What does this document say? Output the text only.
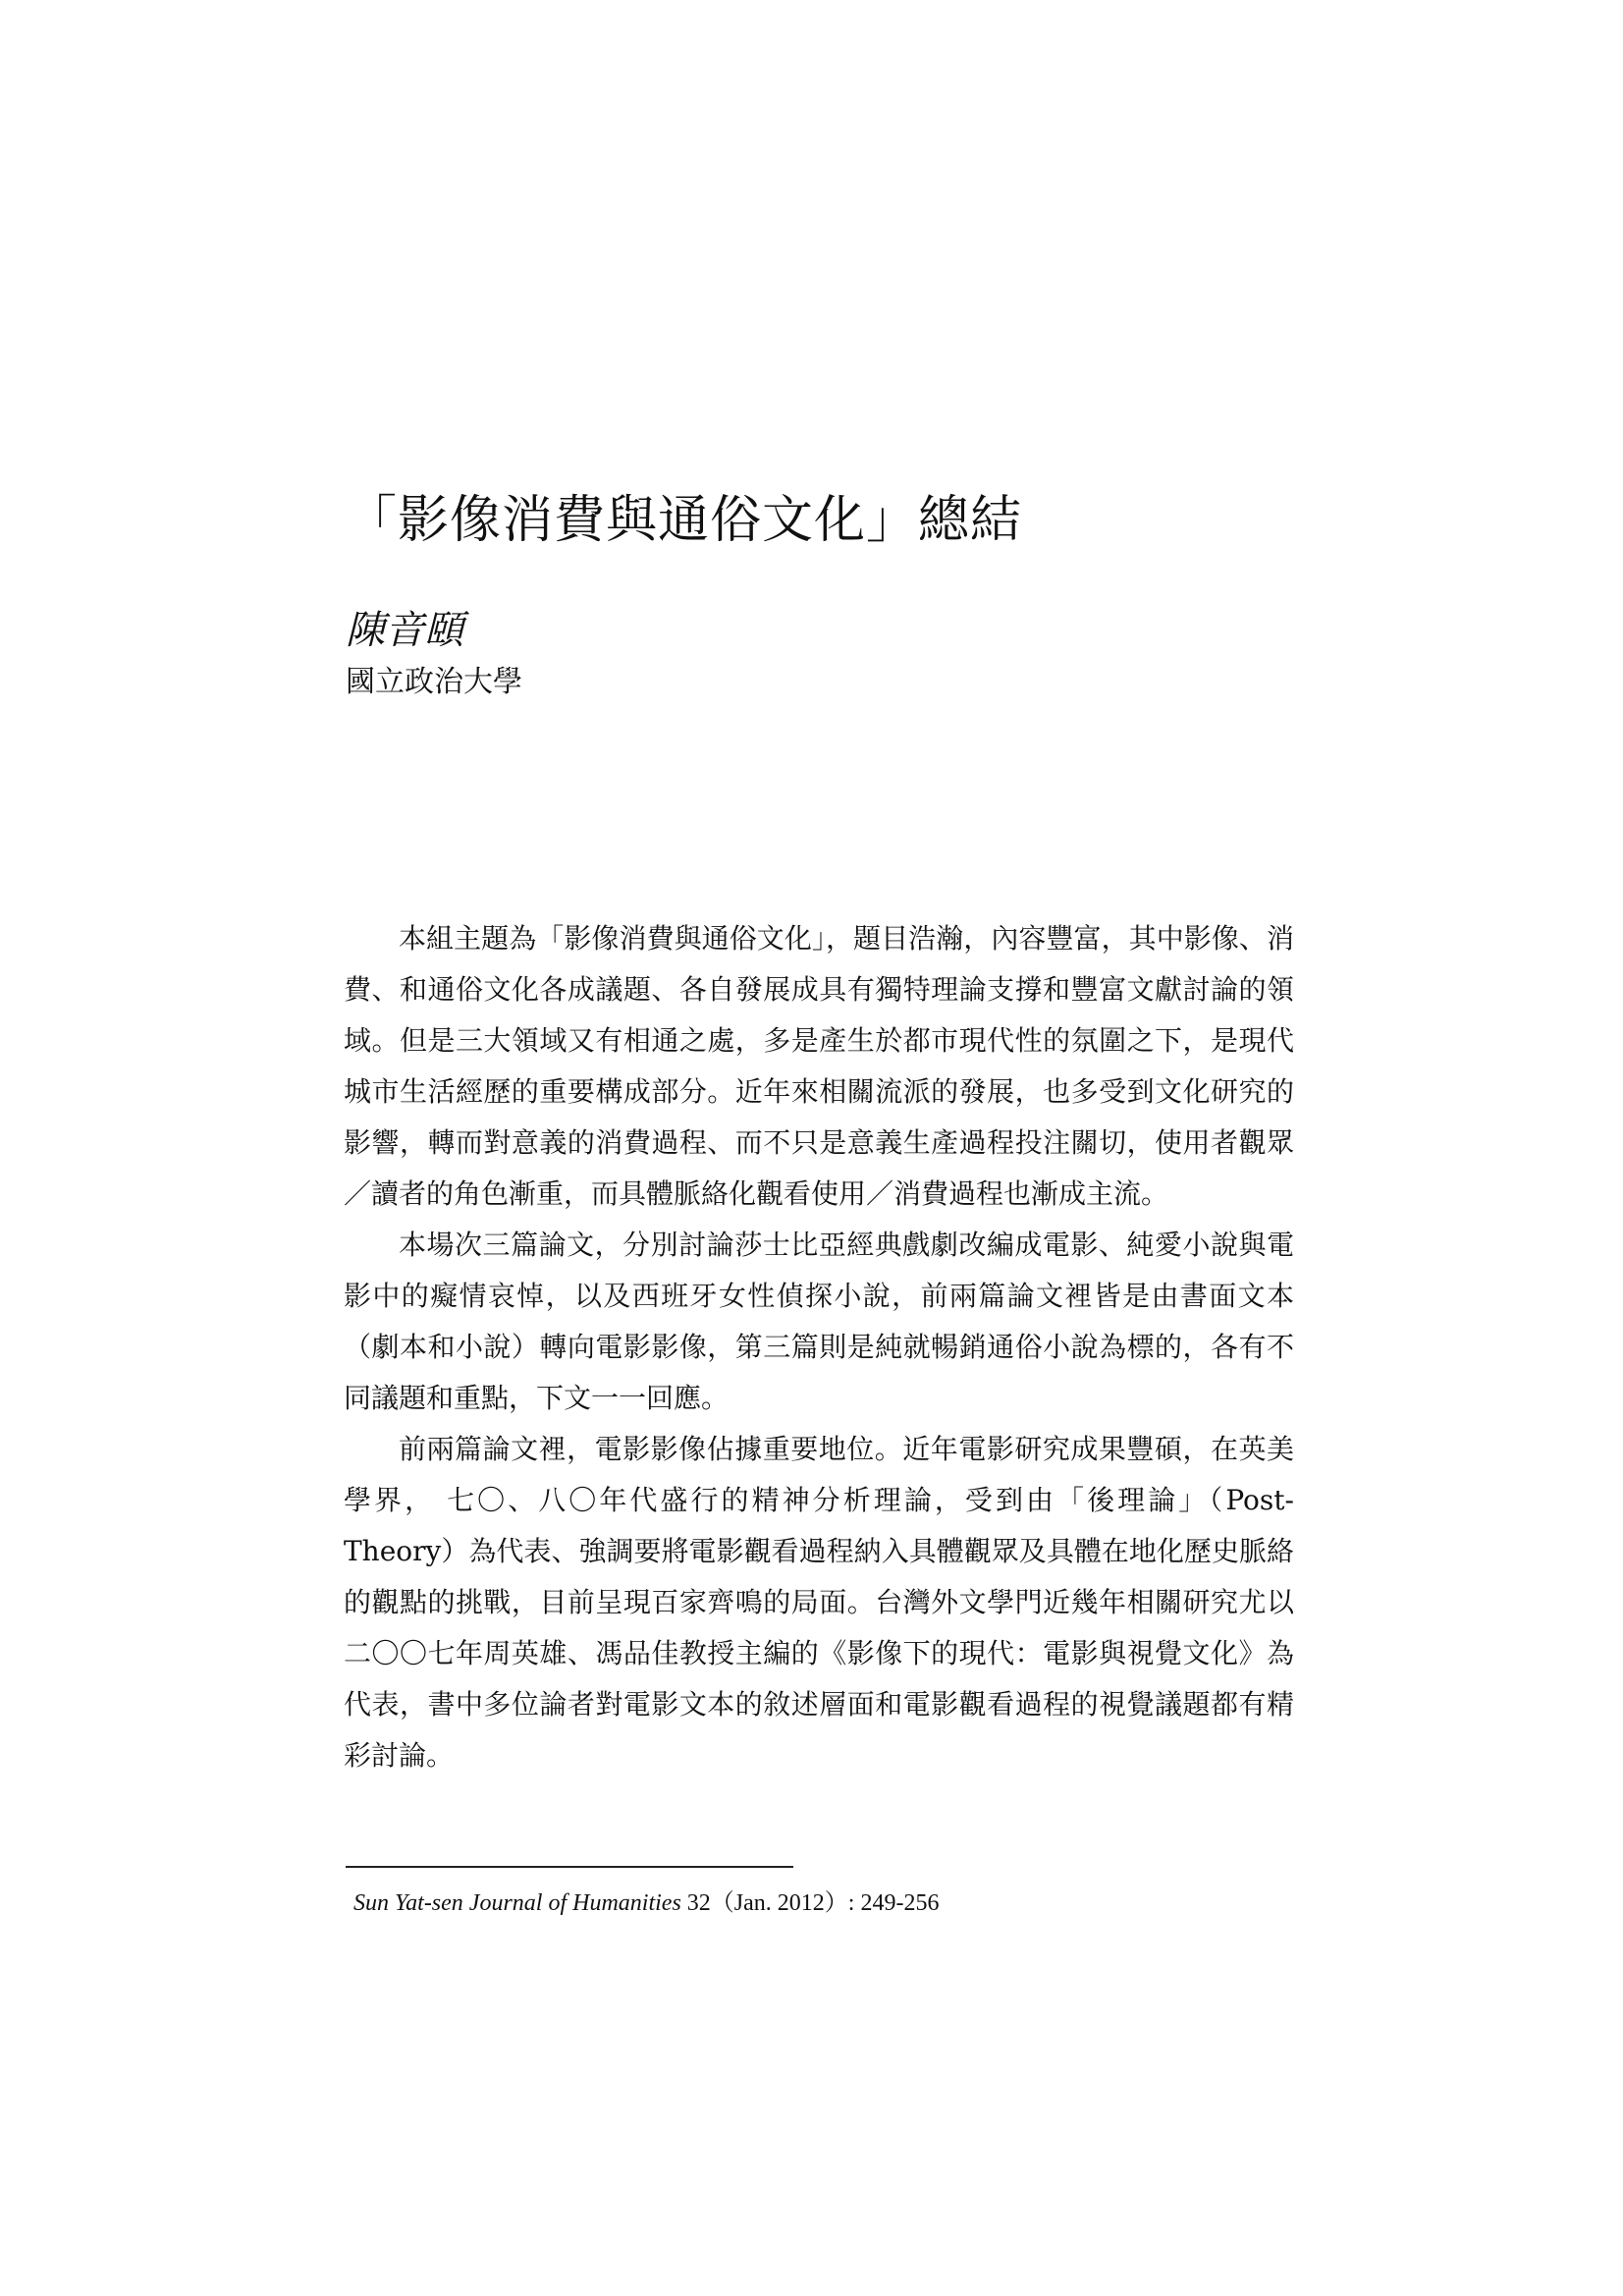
「影像消費與通俗文化」總結

陳音頤

國立政治大學

本組主題為「影像消費與通俗文化」，題目浩瀚，內容豐富，其中影像、消費、和通俗文化各成議題、各自發展成具有獨特理論支撐和豐富文獻討論的領域。但是三大領域又有相通之處，多是產生於都市現代性的氛圍之下，是現代城市生活經歷的重要構成部分。近年來相關流派的發展，也多受到文化研究的影響，轉而對意義的消費過程、而不只是意義生產過程投注關切，使用者觀眾／讀者的角色漸重，而具體脈絡化觀看使用／消費過程也漸成主流。

本場次三篇論文，分別討論莎士比亞經典戲劇改編成電影、純愛小說與電影中的癡情哀悼，以及西班牙女性偵探小說，前兩篇論文裡皆是由書面文本（劇本和小說）轉向電影影像，第三篇則是純就暢銷通俗小說為標的，各有不同議題和重點，下文一一回應。

前兩篇論文裡，電影影像佔據重要地位。近年電影研究成果豐碩，在英美學界， 七〇、八〇年代盛行的精神分析理論，受到由「後理論」（Post-Theory）為代表、強調要將電影觀看過程納入具體觀眾及具體在地化歷史脈絡的觀點的挑戰，目前呈現百家齊鳴的局面。台灣外文學門近幾年相關研究尤以二〇〇七年周英雄、馮品佳教授主編的《影像下的現代：電影與視覺文化》為代表，書中多位論者對電影文本的敘述層面和電影觀看過程的視覺議題都有精彩討論。

Sun Yat-sen Journal of Humanities 32（Jan. 2012）: 249-256
